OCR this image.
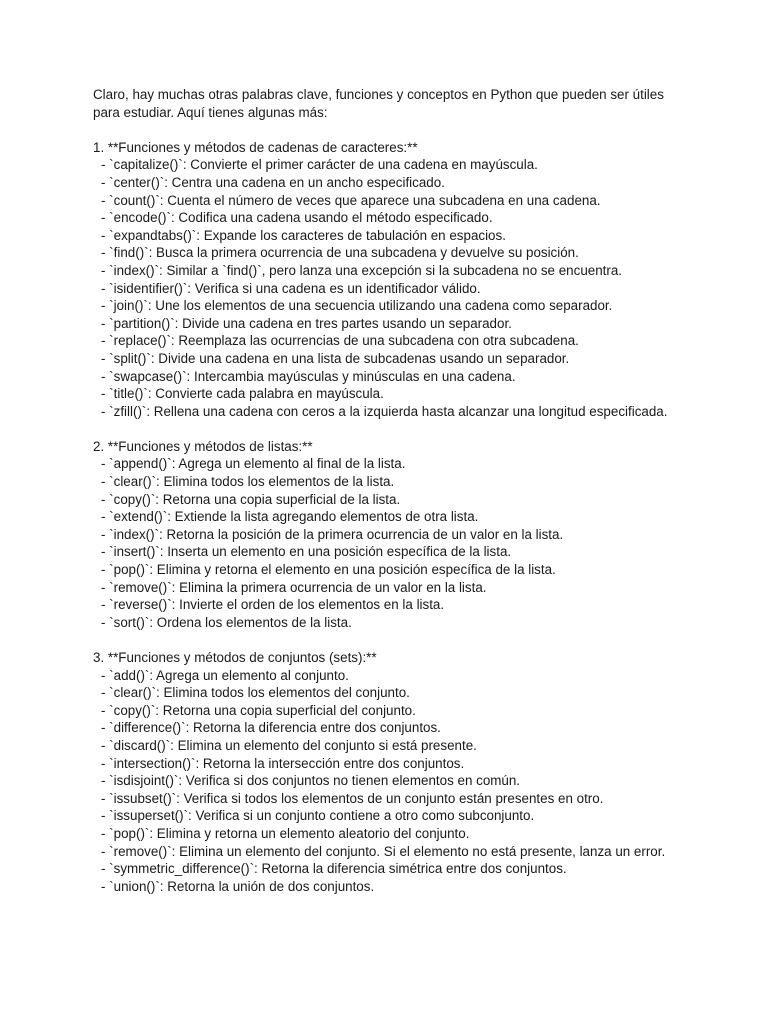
Claro, hay muchas otras palabras clave, funciones y conceptos en Python que pueden ser útiles para estudiar. Aquí tienes algunas más:

1. **Funciones y métodos de cadenas de caracteres:**

- `capitalize()`: Convierte el primer carácter de una cadena en mayúscula.

- `center()`: Centra una cadena en un ancho especificado.

- `count()`: Cuenta el número de veces que aparece una subcadena en una cadena.

- `encode()`: Codifica una cadena usando el método especificado.

- `expandtabs()`: Expande los caracteres de tabulación en espacios.

- `find()`: Busca la primera ocurrencia de una subcadena y devuelve su posición.

- `index()`: Similar a `find()`, pero lanza una excepción si la subcadena no se encuentra.

- `isidentifier()`: Verifica si una cadena es un identificador válido.

- `join()`: Une los elementos de una secuencia utilizando una cadena como separador.

- `partition()`: Divide una cadena en tres partes usando un separador.

- `replace()`: Reemplaza las ocurrencias de una subcadena con otra subcadena.

- `split()`: Divide una cadena en una lista de subcadenas usando un separador.

- `swapcase()`: Intercambia mayúsculas y minúsculas en una cadena.

- `title()`: Convierte cada palabra en mayúscula.

- `zfill()`: Rellena una cadena con ceros a la izquierda hasta alcanzar una longitud especificada.

2. **Funciones y métodos de listas:**

- `append()`: Agrega un elemento al final de la lista.

- `clear()`: Elimina todos los elementos de la lista.

- `copy()`: Retorna una copia superficial de la lista.

- `extend()`: Extiende la lista agregando elementos de otra lista.

- `index()`: Retorna la posición de la primera ocurrencia de un valor en la lista.

- `insert()`: Inserta un elemento en una posición específica de la lista.

- `pop()`: Elimina y retorna el elemento en una posición específica de la lista.

- `remove()`: Elimina la primera ocurrencia de un valor en la lista.

- `reverse()`: Invierte el orden de los elementos en la lista.

- `sort()`: Ordena los elementos de la lista.

3. **Funciones y métodos de conjuntos (sets):**

- `add()`: Agrega un elemento al conjunto.

- `clear()`: Elimina todos los elementos del conjunto.

- `copy()`: Retorna una copia superficial del conjunto.

- `difference()`: Retorna la diferencia entre dos conjuntos.

- `discard()`: Elimina un elemento del conjunto si está presente.

- `intersection()`: Retorna la intersección entre dos conjuntos.

- `isdisjoint()`: Verifica si dos conjuntos no tienen elementos en común.

- `issubset()`: Verifica si todos los elementos de un conjunto están presentes en otro.

- `issuperset()`: Verifica si un conjunto contiene a otro como subconjunto.

- `pop()`: Elimina y retorna un elemento aleatorio del conjunto.

- `remove()`: Elimina un elemento del conjunto. Si el elemento no está presente, lanza un error.

- `symmetric_difference()`: Retorna la diferencia simétrica entre dos conjuntos.

- `union()`: Retorna la unión de dos conjuntos.
